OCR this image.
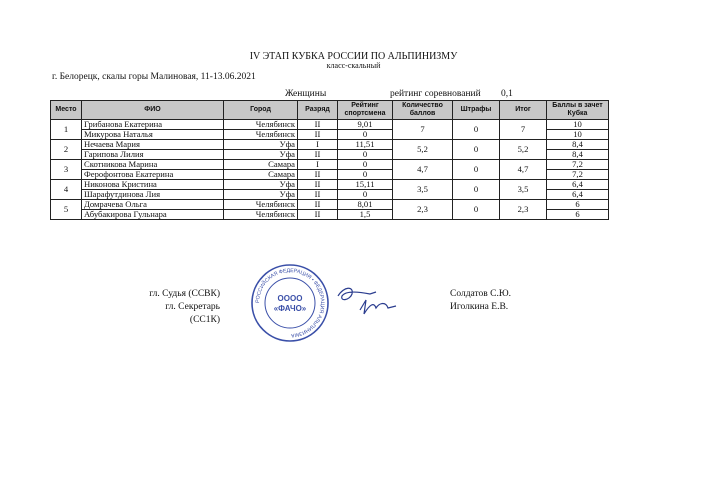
IV ЭТАП КУБКА РОССИИ ПО АЛЬПИНИЗМУ
класс-скальный
г. Белорецк, скалы горы Малиновая, 11-13.06.2021
Женщины	рейтинг соревнований 0,1
Место	ФИО	Город	Разряд	Рейтинг спортсмена	Количество баллов	Штрафы	Итог	Баллы в зачет Кубка
1	Грибанова Екатерина	Челябинск	II	9,01	7	0	7	10
	Микурова Наталья	Челябинск	II	0				10
2	Нечаева Мария	Уфа	I	11,51	5,2	0	5,2	8,4
	Гарипова Лилия	Уфа	II	0				8,4
3	Скотникова Марина	Самара	I	0	4,7	0	4,7	7,2
	Ферофонтова Екатерина	Самара	II	0				7,2
4	Никонова Кристина	Уфа	II	15,11	3,5	0	3,5	6,4
	Шарафутдинова Лия	Уфа	II	0				6,4
5	Домрачева Ольга	Челябинск	II	8,01	2,3	0	2,3	6
	Абубакирова Гульнара	Челябинск	II	1,5				6
гл. Судья (ССВК)
гл. Секретарь (СС1К)
РОССИЙСКАЯ ФЕДЕРАЦИЯ • ФЕДЕРАЦИЯ АЛЬПИНИЗМА
ОООО
«ФАЧО»
Солдатов С.Ю.
Иголкина Е.В.
